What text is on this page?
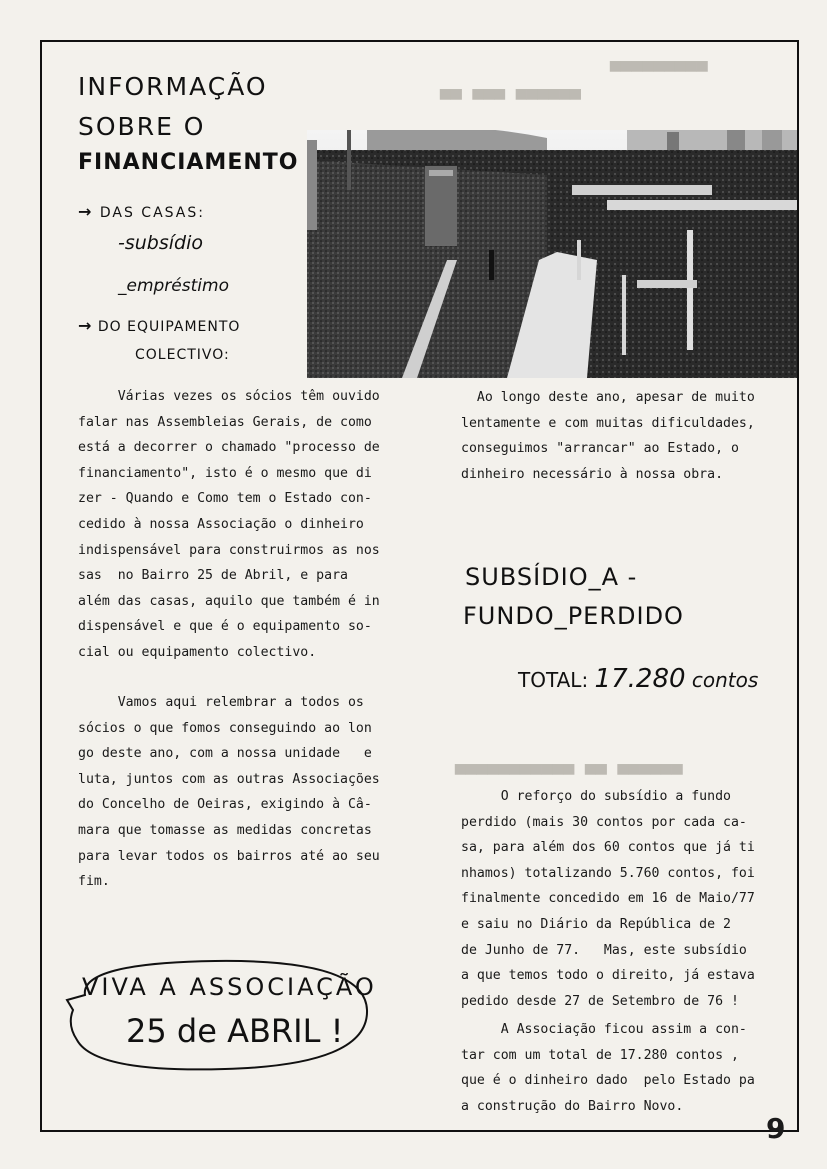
▀▀▀▀▀▀▀▀▀
▀▀ ▀▀▀ ▀▀▀▀▀▀
▀▀▀▀▀▀▀▀▀▀▀ ▀▀ ▀▀▀▀▀▀
INFORMAÇÃO
SOBRE O
FINANCIAMENTO
→ DAS CASAS:
-subsídio
_empréstimo
→ DO EQUIPAMENTO
COLECTIVO:
Várias vezes os sócios têm ouvido
falar nas Assembleias Gerais, de como
está a decorrer o chamado "processo de
financiamento", isto é o mesmo que di
zer - Quando e Como tem o Estado con-
cedido à nossa Associação o dinheiro
indispensável para construirmos as nos
sas  no Bairro 25 de Abril, e para
além das casas, aquilo que também é in
dispensável e que é o equipamento so-
cial ou equipamento colectivo.
Vamos aqui relembrar a todos os
sócios o que fomos conseguindo ao lon
go deste ano, com a nossa unidade   e
luta, juntos com as outras Associações
do Concelho de Oeiras, exigindo à Câ-
mara que tomasse as medidas concretas
para levar todos os bairros até ao seu
fim.
Ao longo deste ano, apesar de muito
lentamente e com muitas dificuldades,
conseguimos "arrancar" ao Estado, o
dinheiro necessário à nossa obra.
SUBSÍDIO_A -
FUNDO_PERDIDO
TOTAL: 17.280 contos
O reforço do subsídio a fundo
perdido (mais 30 contos por cada ca-
sa, para além dos 60 contos que já ti
nhamos) totalizando 5.760 contos, foi
finalmente concedido em 16 de Maio/77
e saiu no Diário da República de 2
de Junho de 77.   Mas, este subsídio
a que temos todo o direito, já estava
pedido desde 27 de Setembro de 76 !
A Associação ficou assim a con-
tar com um total de 17.280 contos ,
que é o dinheiro dado  pelo Estado pa
a construção do Bairro Novo.
VIVA A ASSOCIAÇÃO
25 de ABRIL !
9
